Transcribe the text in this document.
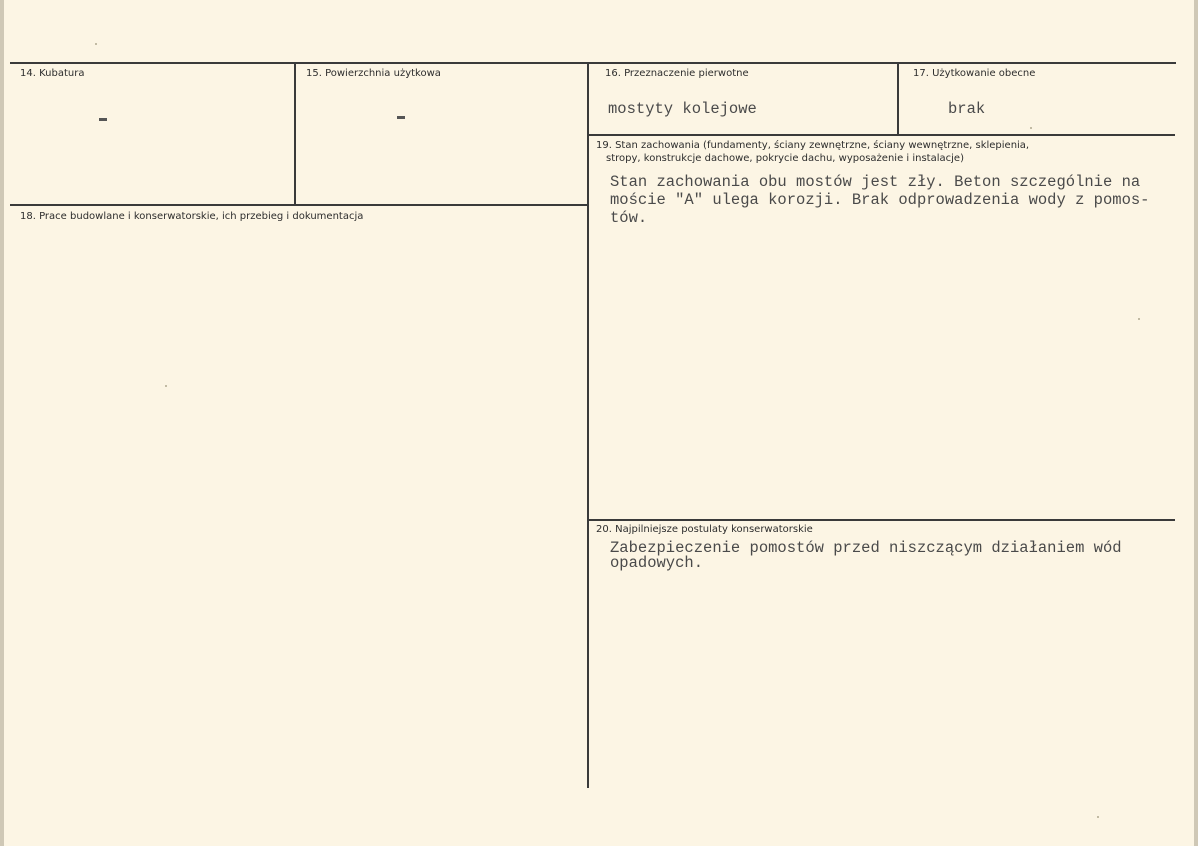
14. Kubatura	15. Powierzchnia użytkowa	16. Przeznaczenie pierwotne
mostyty kolejowe
17. Użytkowanie obecne
brak
19. Stan zachowania (fundamenty, ściany zewnętrzne, ściany wewnętrzne, sklepienia,
stropy, konstrukcje dachowe, pokrycie dachu, wyposażenie i instalacje)
Stan zachowania obu mostów jest zły. Beton szczególnie na
moście "A" ulega korozji. Brak odprowadzenia wody z pomos-
tów.
18. Prace budowlane i konserwatorskie, ich przebieg i dokumentacja
20. Najpilniejsze postulaty konserwatorskie
Zabezpieczenie pomostów przed niszczącym działaniem wód
opadowych.
